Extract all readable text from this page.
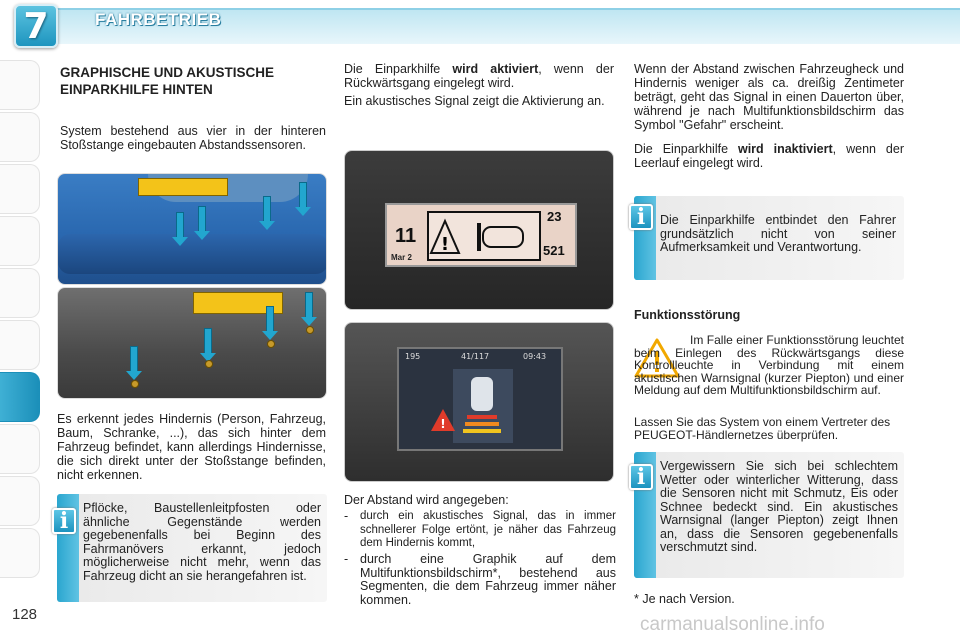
7	FAHRBETRIEB
128
GRAPHISCHE UND AKUSTISCHE EINPARKHILFE HINTEN
System bestehend aus vier in der hinteren Stoßstange eingebauten Abstandssensoren.
Es erkennt jedes Hindernis (Person, Fahrzeug, Baum, Schranke, ...), das sich hinter dem Fahrzeug befindet, kann allerdings Hindernisse, die sich direkt unter der Stoßstange befinden, nicht erkennen.
Pflöcke, Baustellenleitpfosten oder ähnliche Gegenstände werden gegebenenfalls bei Beginn des Fahrmanövers erkannt, jedoch möglicherweise nicht mehr, wenn das Fahrzeug dicht an sie herangefahren ist.
i
Die Einparkhilfe wird aktiviert, wenn der Rückwärtsgang eingelegt wird.
Ein akustisches Signal zeigt die Aktivierung an.
11
Mar 2
!
23
521
195	41/117	09:43
!
Der Abstand wird angegeben:
- durch ein akustisches Signal, das in immer schnellerer Folge ertönt, je näher das Fahrzeug dem Hindernis kommt,
- durch eine Graphik auf dem Multifunktionsbildschirm*, bestehend aus Segmenten, die dem Fahrzeug immer näher kommen.
Wenn der Abstand zwischen Fahrzeugheck und Hindernis weniger als ca. dreißig Zentimeter beträgt, geht das Signal in einen Dauerton über, während je nach Multifunktionsbildschirm das Symbol "Gefahr" erscheint.
Die Einparkhilfe wird inaktiviert, wenn der Leerlauf eingelegt wird.
Die Einparkhilfe entbindet den Fahrer grundsätzlich nicht von seiner Aufmerksamkeit und Verantwortung.
i
Funktionsstörung
Im Falle einer Funktionsstörung leuchtet beim Einlegen des Rückwärtsgangs diese Kontrollleuchte in Verbindung mit einem akustischen Warnsignal (kurzer Piepton) und einer Meldung auf dem Multifunktionsbildschirm auf.
Lassen Sie das System von einem Vertreter des PEUGEOT-Händlernetzes überprüfen.
Vergewissern Sie sich bei schlechtem Wetter oder winterlicher Witterung, dass die Sensoren nicht mit Schmutz, Eis oder Schnee bedeckt sind. Ein akustisches Warnsignal (langer Piepton) zeigt Ihnen an, dass die Sensoren gegebenenfalls verschmutzt sind.
i
* Je nach Version.
carmanualsonline.info
